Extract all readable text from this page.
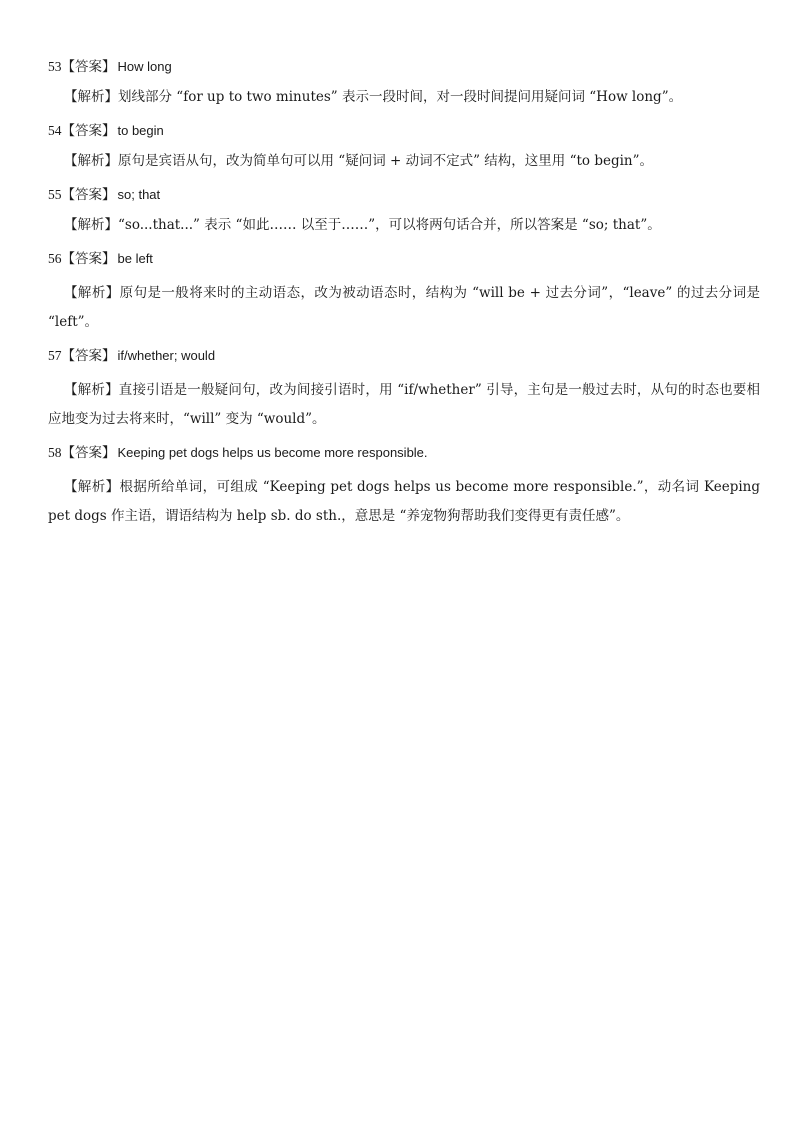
53【答案】 How long
【解析】划线部分 “for up to two minutes” 表示一段时间，对一段时间提问用疑问词 “How long”。
54【答案】 to begin
【解析】原句是宾语从句，改为简单句可以用 “疑问词 + 动词不定式” 结构，这里用 “to begin”。
55【答案】 so; that
【解析】“so...that...” 表示 “如此…… 以至于……”，可以将两句话合并，所以答案是 “so; that”。
56【答案】 be left
【解析】原句是一般将来时的主动语态，改为被动语态时，结构为 “will be + 过去分词”，“leave” 的过去分词是 “left”。
57【答案】 if/whether; would
【解析】直接引语是一般疑问句，改为间接引语时，用 “if/whether” 引导，主句是一般过去时，从句的时态也要相应地变为过去将来时，“will” 变为 “would”。
58【答案】 Keeping pet dogs helps us become more responsible.
【解析】根据所给单词，可组成 “Keeping pet dogs helps us become more responsible.”，动名词 Keeping pet dogs 作主语，谓语结构为 help sb. do sth.，意思是 “养宠物狗帮助我们变得更有责任感”。
